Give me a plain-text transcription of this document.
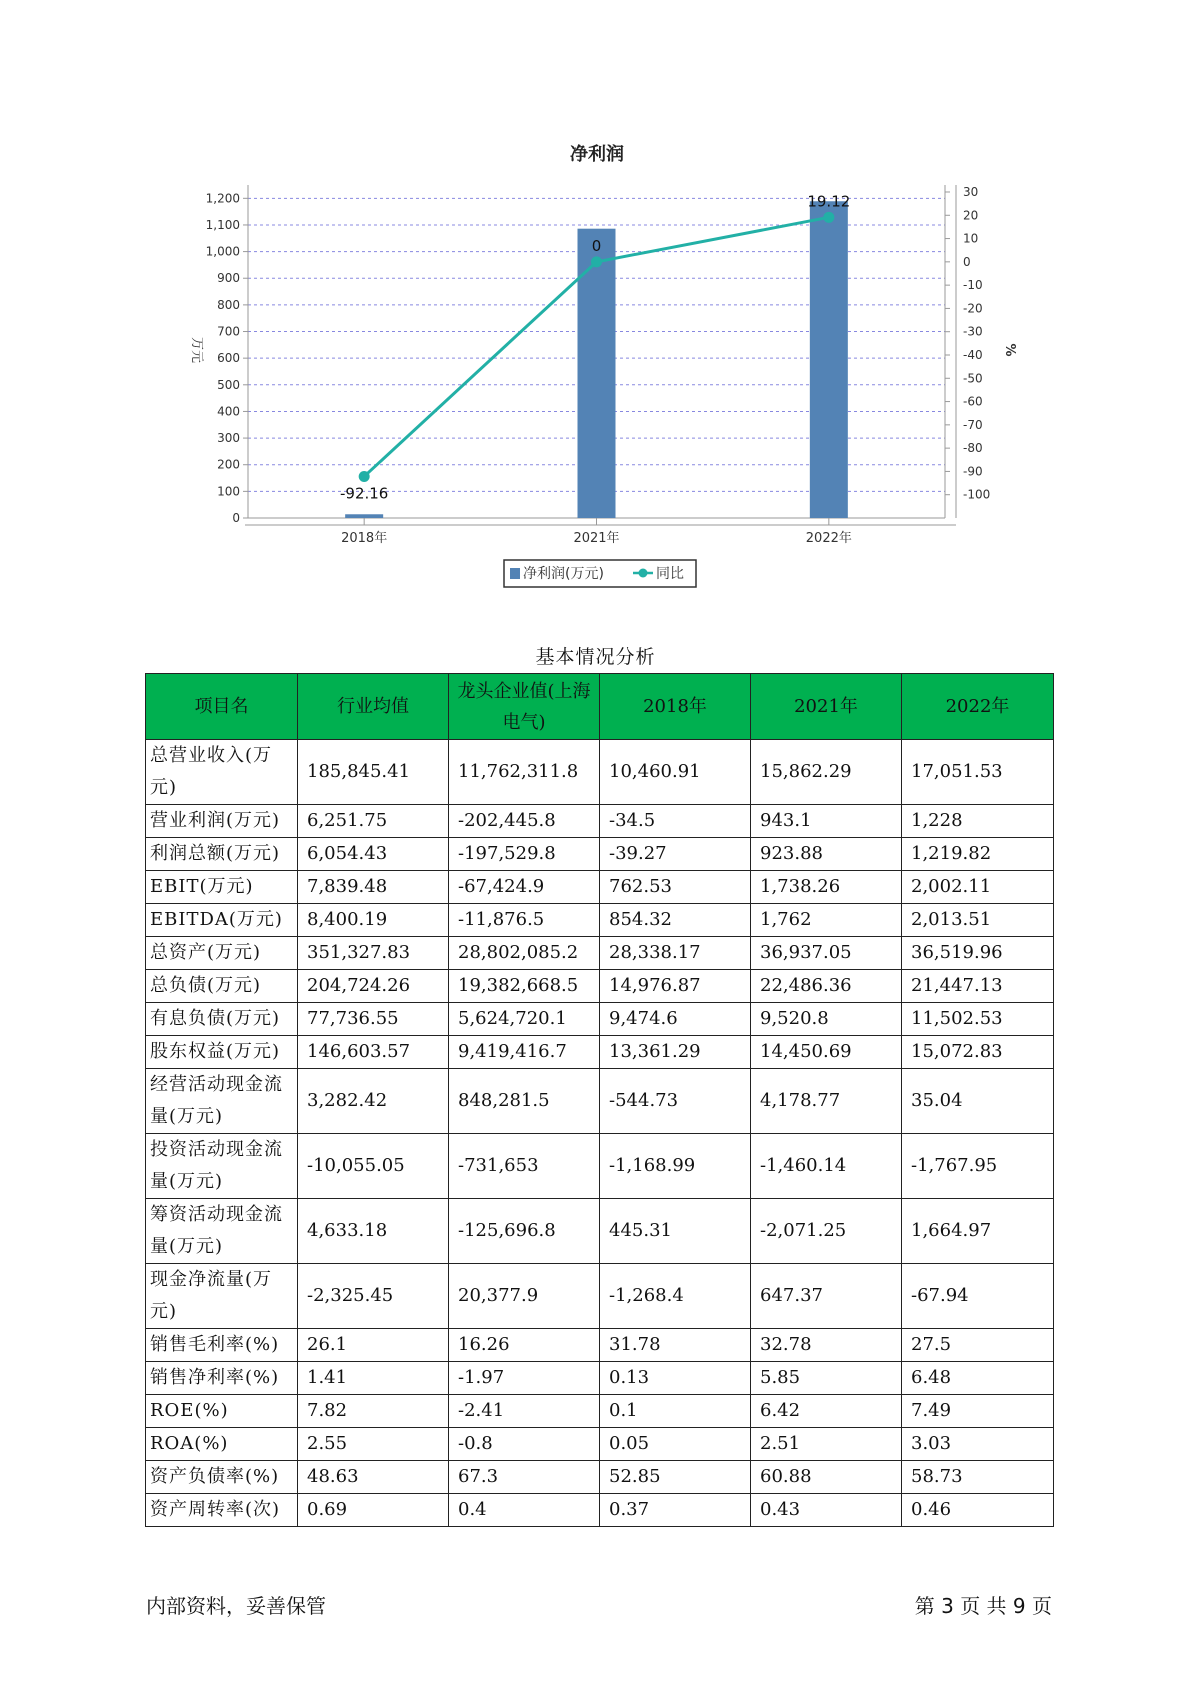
净利润
0
100
200
300
400
500
600
700
800
900
1,000
1,100
1,200	30
20
10
0
-10
-20
-30
-40
-50
-60
-70
-80
-90
-100
万元	%
2018年	2021年	2022年
-92.16
0
19.12
净利润(万元)	同比
基本情况分析
项目名	行业均值	龙头企业值(上海电气)	2018年	2021年	2022年
总营业收入(万元)	185,845.41	11,762,311.8	10,460.91	15,862.29	17,051.53
营业利润(万元)	6,251.75	-202,445.8	-34.5	943.1	1,228
利润总额(万元)	6,054.43	-197,529.8	-39.27	923.88	1,219.82
EBIT(万元)	7,839.48	-67,424.9	762.53	1,738.26	2,002.11
EBITDA(万元)	8,400.19	-11,876.5	854.32	1,762	2,013.51
总资产(万元)	351,327.83	28,802,085.2	28,338.17	36,937.05	36,519.96
总负债(万元)	204,724.26	19,382,668.5	14,976.87	22,486.36	21,447.13
有息负债(万元)	77,736.55	5,624,720.1	9,474.6	9,520.8	11,502.53
股东权益(万元)	146,603.57	9,419,416.7	13,361.29	14,450.69	15,072.83
经营活动现金流量(万元)	3,282.42	848,281.5	-544.73	4,178.77	35.04
投资活动现金流量(万元)	-10,055.05	-731,653	-1,168.99	-1,460.14	-1,767.95
筹资活动现金流量(万元)	4,633.18	-125,696.8	445.31	-2,071.25	1,664.97
现金净流量(万元)	-2,325.45	20,377.9	-1,268.4	647.37	-67.94
销售毛利率(%)	26.1	16.26	31.78	32.78	27.5
销售净利率(%)	1.41	-1.97	0.13	5.85	6.48
ROE(%)	7.82	-2.41	0.1	6.42	7.49
ROA(%)	2.55	-0.8	0.05	2.51	3.03
资产负债率(%)	48.63	67.3	52.85	60.88	58.73
资产周转率(次)	0.69	0.4	0.37	0.43	0.46
内部资料，妥善保管	第 3 页 共 9 页
